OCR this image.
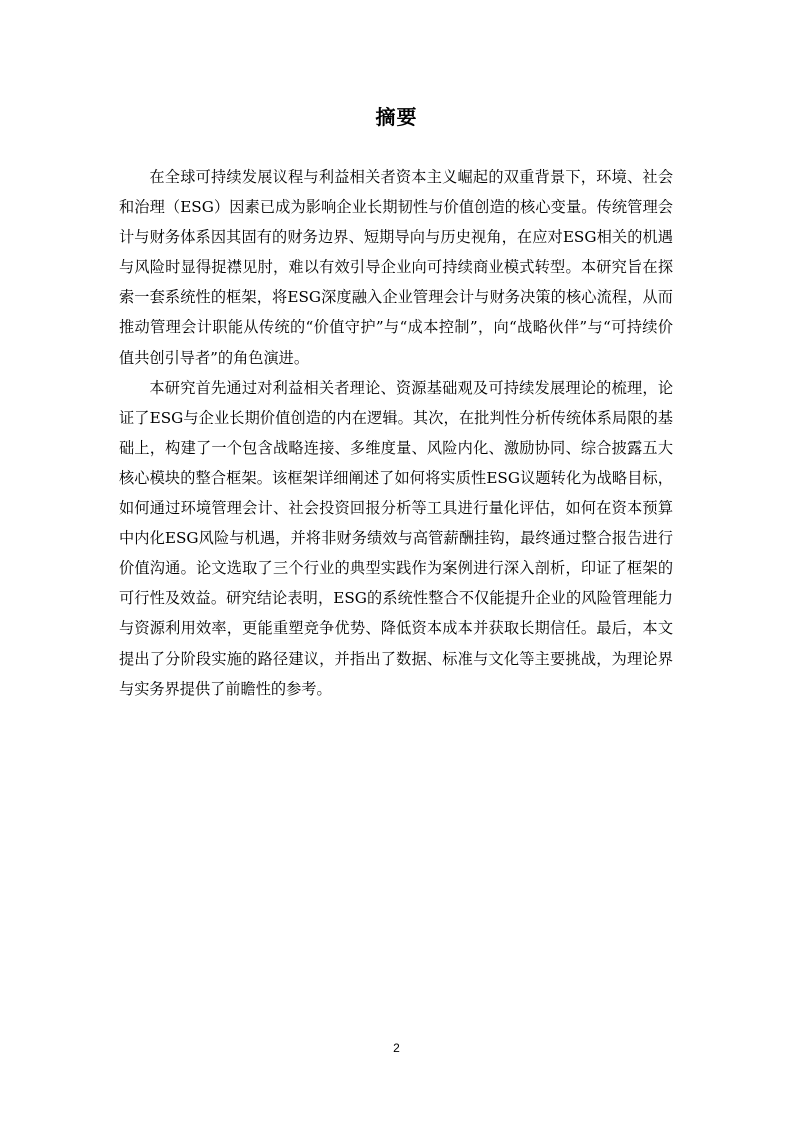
摘要

在全球可持续发展议程与利益相关者资本主义崛起的双重背景下，环境、社会和治理（ESG）因素已成为影响企业长期韧性与价值创造的核心变量。传统管理会计与财务体系因其固有的财务边界、短期导向与历史视角，在应对ESG相关的机遇与风险时显得捉襟见肘，难以有效引导企业向可持续商业模式转型。本研究旨在探索一套系统性的框架，将ESG深度融入企业管理会计与财务决策的核心流程，从而推动管理会计职能从传统的“价值守护”与“成本控制”，向“战略伙伴”与“可持续价值共创引导者”的角色演进。

本研究首先通过对利益相关者理论、资源基础观及可持续发展理论的梳理，论证了ESG与企业长期价值创造的内在逻辑。其次，在批判性分析传统体系局限的基础上，构建了一个包含战略连接、多维度量、风险内化、激励协同、综合披露五大核心模块的整合框架。该框架详细阐述了如何将实质性ESG议题转化为战略目标，如何通过环境管理会计、社会投资回报分析等工具进行量化评估，如何在资本预算中内化ESG风险与机遇，并将非财务绩效与高管薪酬挂钩，最终通过整合报告进行价值沟通。论文选取了三个行业的典型实践作为案例进行深入剖析，印证了框架的可行性及效益。研究结论表明，ESG的系统性整合不仅能提升企业的风险管理能力与资源利用效率，更能重塑竞争优势、降低资本成本并获取长期信任。最后，本文提出了分阶段实施的路径建议，并指出了数据、标准与文化等主要挑战，为理论界与实务界提供了前瞻性的参考。

2
